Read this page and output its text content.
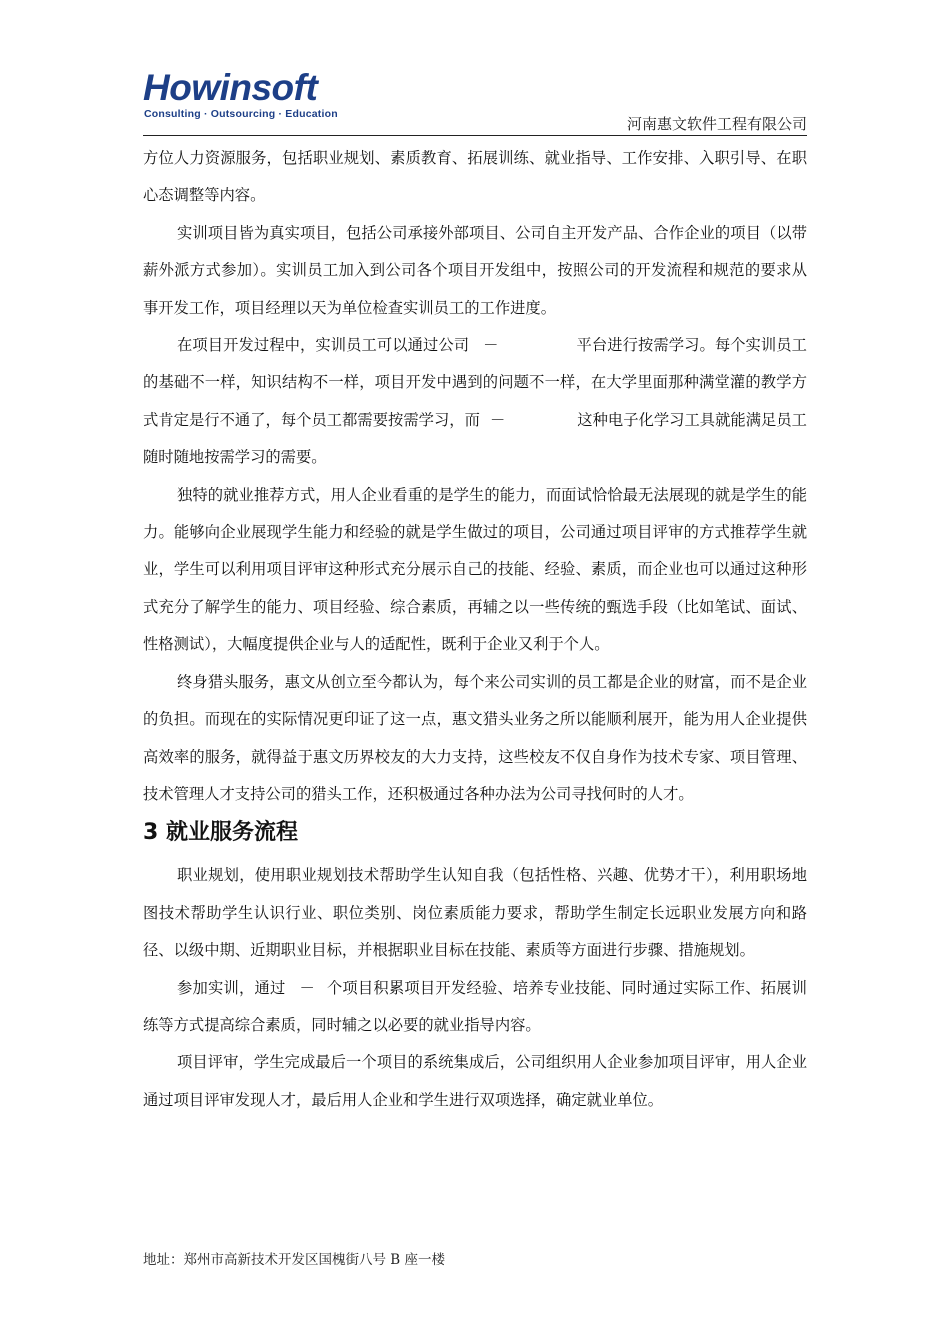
Howinsoft
Consulting · Outsourcing · Education
河南惠文软件工程有限公司

方位人力资源服务，包括职业规划、素质教育、拓展训练、就业指导、工作安排、入职引导、在职心态调整等内容。

实训项目皆为真实项目，包括公司承接外部项目、公司自主开发产品、合作企业的项目（以带薪外派方式参加）。实训员工加入到公司各个项目开发组中，按照公司的开发流程和规范的要求从事开发工作，项目经理以天为单位检查实训员工的工作进度。

在项目开发过程中，实训员工可以通过公司 －	平台进行按需学习。每个实训员工的基础不一样，知识结构不一样，项目开发中遇到的问题不一样，在大学里面那种满堂灌的教学方式肯定是行不通了，每个员工都需要按需学习，而 －	这种电子化学习工具就能满足员工随时随地按需学习的需要。

独特的就业推荐方式，用人企业看重的是学生的能力，而面试恰恰最无法展现的就是学生的能力。能够向企业展现学生能力和经验的就是学生做过的项目，公司通过项目评审的方式推荐学生就业，学生可以利用项目评审这种形式充分展示自己的技能、经验、素质，而企业也可以通过这种形式充分了解学生的能力、项目经验、综合素质，再辅之以一些传统的甄选手段（比如笔试、面试、性格测试），大幅度提供企业与人的适配性，既利于企业又利于个人。

终身猎头服务，惠文从创立至今都认为，每个来公司实训的员工都是企业的财富，而不是企业的负担。而现在的实际情况更印证了这一点，惠文猎头业务之所以能顺利展开，能为用人企业提供高效率的服务，就得益于惠文历界校友的大力支持，这些校友不仅自身作为技术专家、项目管理、技术管理人才支持公司的猎头工作，还积极通过各种办法为公司寻找何时的人才。

3 就业服务流程

职业规划，使用职业规划技术帮助学生认知自我（包括性格、兴趣、优势才干），利用职场地图技术帮助学生认识行业、职位类别、岗位素质能力要求，帮助学生制定长远职业发展方向和路径、以级中期、近期职业目标，并根据职业目标在技能、素质等方面进行步骤、措施规划。

参加实训，通过 － 个项目积累项目开发经验、培养专业技能、同时通过实际工作、拓展训练等方式提高综合素质，同时辅之以必要的就业指导内容。

项目评审，学生完成最后一个项目的系统集成后，公司组织用人企业参加项目评审，用人企业通过项目评审发现人才，最后用人企业和学生进行双项选择，确定就业单位。

地址：郑州市高新技术开发区国槐街八号 B 座一楼
